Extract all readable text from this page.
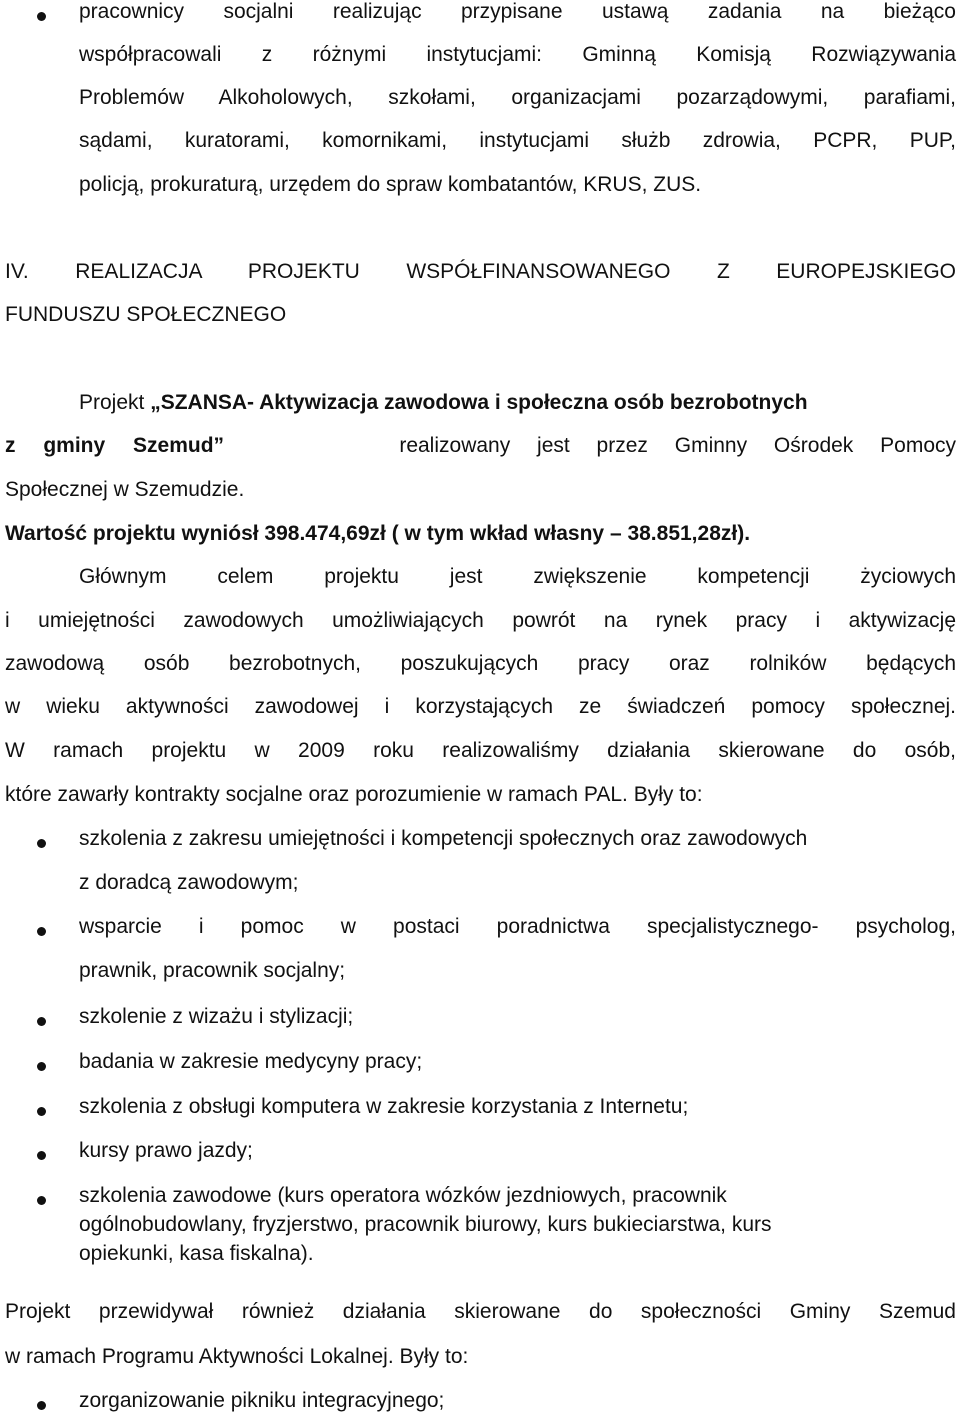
pracownicy socjalni realizując przypisane ustawą zadania na bieżąco
współpracowali z różnymi instytucjami: Gminną Komisją Rozwiązywania
Problemów Alkoholowych, szkołami, organizacjami pozarządowymi, parafiami,
sądami, kuratorami, komornikami, instytucjami służb zdrowia, PCPR, PUP,
policją, prokuraturą, urzędem do spraw kombatantów, KRUS, ZUS.
IV. REALIZACJA PROJEKTU WSPÓŁFINANSOWANEGO Z EUROPEJSKIEGO
FUNDUSZU SPOŁECZNEGO
Projekt „SZANSA- Aktywizacja zawodowa i społeczna osób bezrobotnych
z gminy Szemud”	realizowany jest przez Gminny Ośrodek Pomocy
Społecznej w Szemudzie.
Wartość projektu wyniósł 398.474,69zł ( w tym wkład własny – 38.851,28zł).
Głównym celem projektu jest zwiększenie kompetencji życiowych
i umiejętności zawodowych umożliwiających powrót na rynek pracy i aktywizację
zawodową osób bezrobotnych, poszukujących pracy oraz rolników będących
w wieku aktywności zawodowej i korzystających ze świadczeń pomocy społecznej.
W ramach projektu w 2009 roku realizowaliśmy działania skierowane do osób,
które zawarły kontrakty socjalne oraz porozumienie w ramach PAL. Były to:
szkolenia z zakresu umiejętności i kompetencji społecznych oraz zawodowych
z doradcą zawodowym;
wsparcie i pomoc w postaci poradnictwa specjalistycznego- psycholog,
prawnik, pracownik socjalny;
szkolenie z wizażu i stylizacji;
badania w zakresie medycyny pracy;
szkolenia z obsługi komputera w zakresie korzystania z Internetu;
kursy prawo jazdy;
szkolenia zawodowe (kurs operatora wózków jezdniowych, pracownik
ogólnobudowlany, fryzjerstwo, pracownik biurowy, kurs bukieciarstwa, kurs
opiekunki, kasa fiskalna).
Projekt przewidywał również działania skierowane do społeczności Gminy Szemud
w ramach Programu Aktywności Lokalnej. Były to:
zorganizowanie pikniku integracyjnego;
